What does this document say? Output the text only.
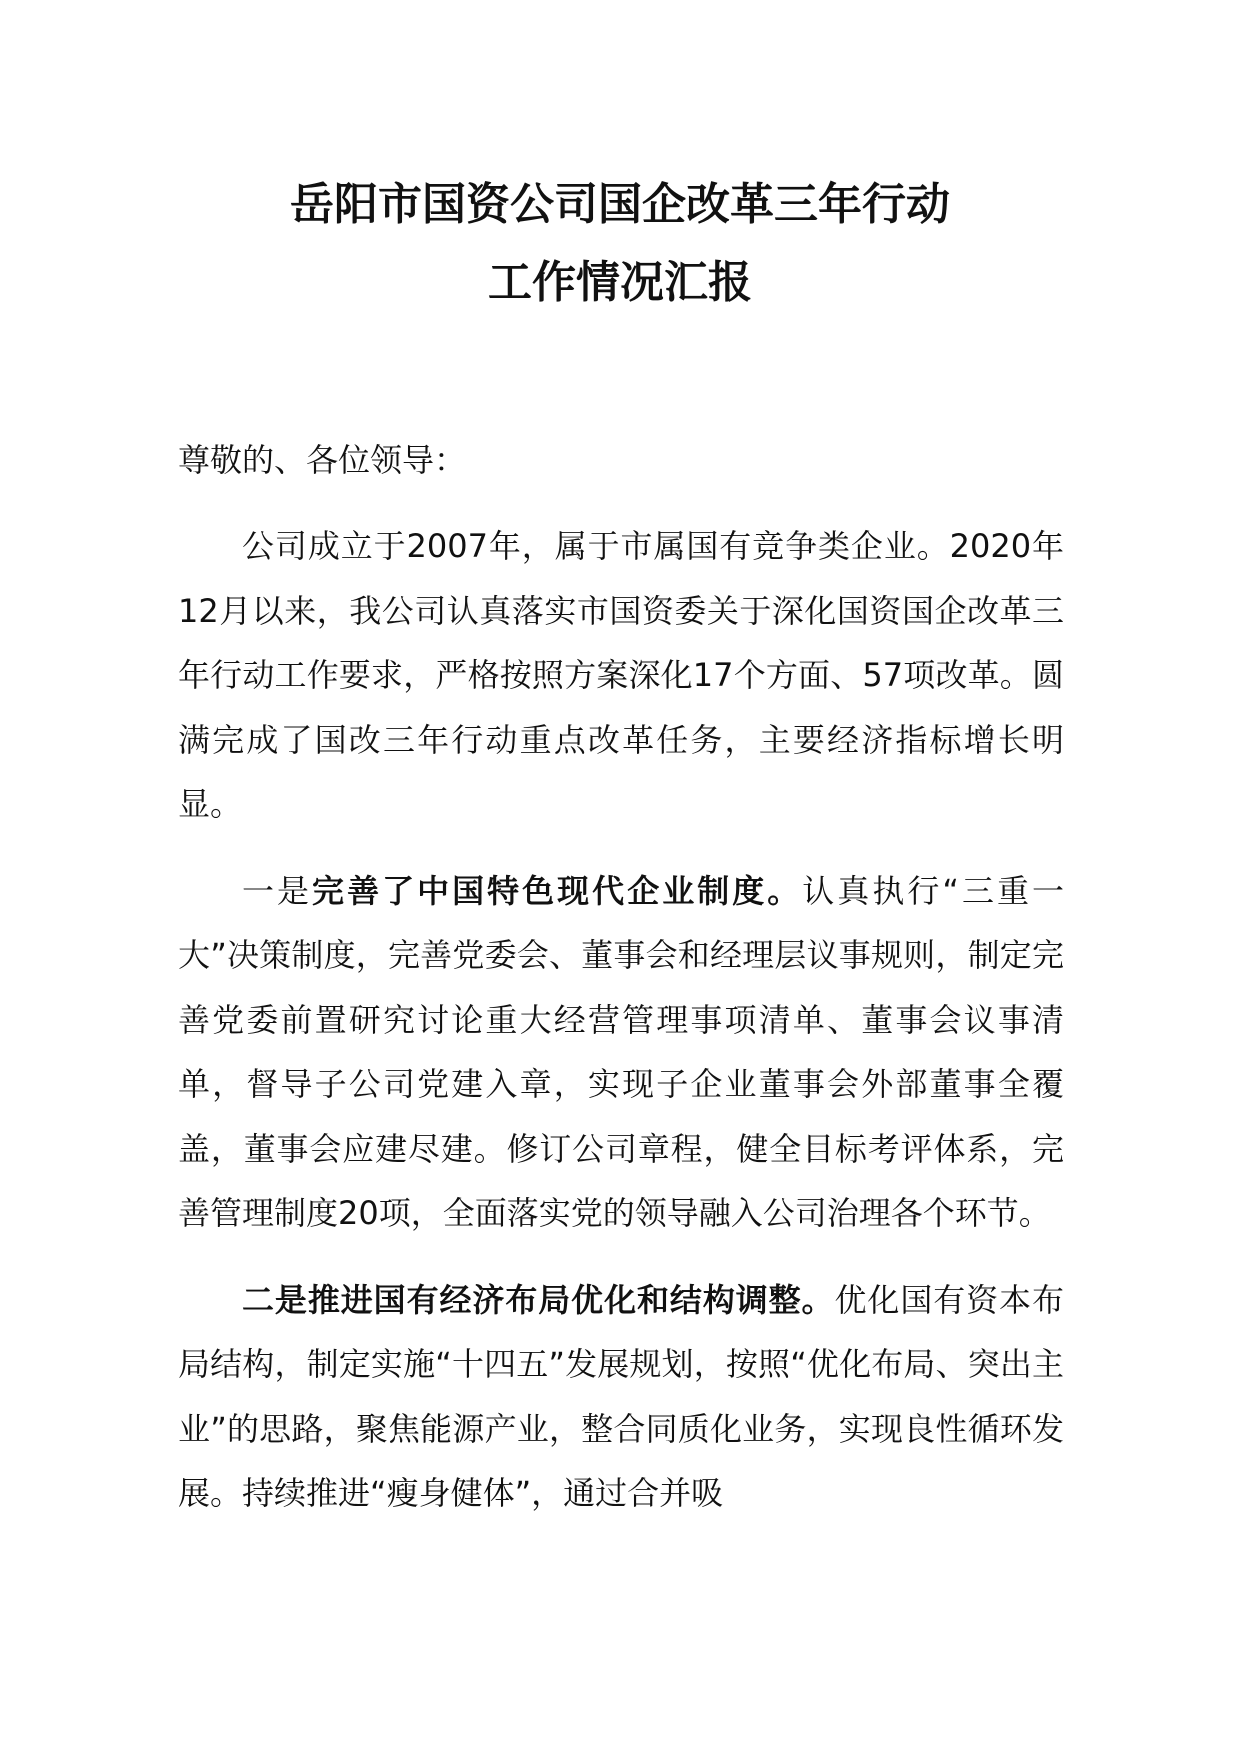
岳阳市国资公司国企改革三年行动
工作情况汇报

尊敬的、各位领导：

公司成立于2007年，属于市属国有竞争类企业。2020年12月以来，我公司认真落实市国资委关于深化国资国企改革三年行动工作要求，严格按照方案深化17个方面、57项改革。圆满完成了国改三年行动重点改革任务，主要经济指标增长明显。

一是完善了中国特色现代企业制度。认真执行“三重一大”决策制度，完善党委会、董事会和经理层议事规则，制定完善党委前置研究讨论重大经营管理事项清单、董事会议事清单，督导子公司党建入章，实现子企业董事会外部董事全覆盖，董事会应建尽建。修订公司章程，健全目标考评体系，完善管理制度20项，全面落实党的领导融入公司治理各个环节。

二是推进国有经济布局优化和结构调整。优化国有资本布局结构，制定实施“十四五”发展规划，按照“优化布局、突出主业”的思路，聚焦能源产业，整合同质化业务，实现良性循环发展。持续推进“瘦身健体”，通过合并吸
